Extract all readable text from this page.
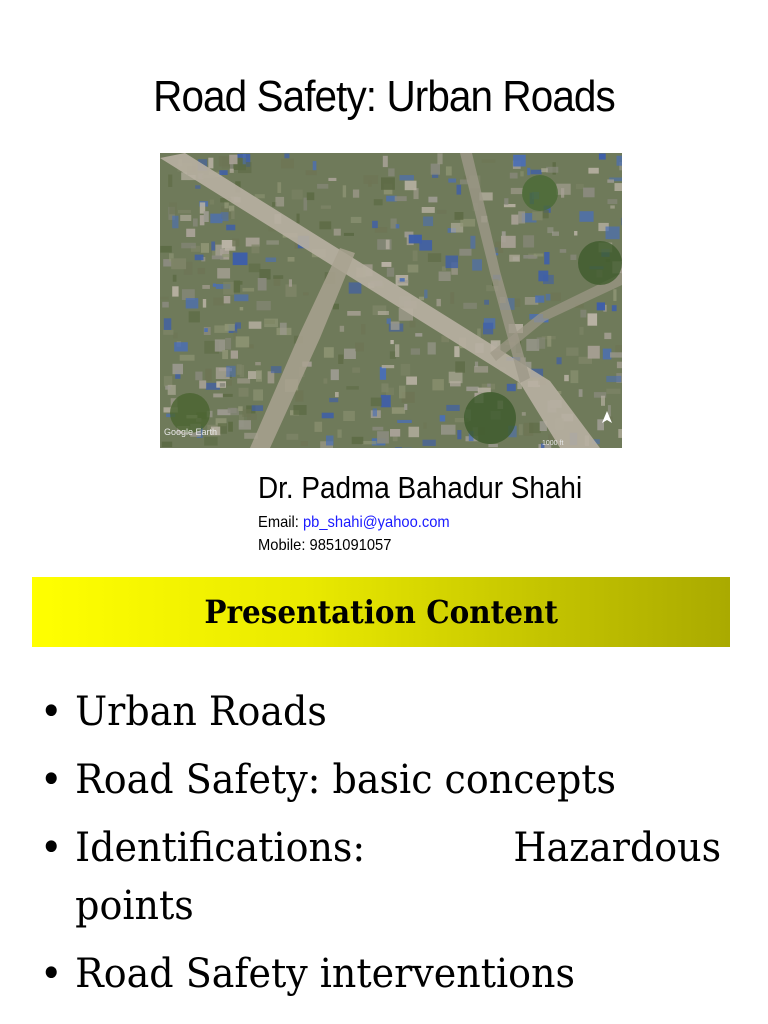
Road Safety: Urban Roads
Google Earth
1000 ft
Dr. Padma Bahadur Shahi
Email: pb_shahi@yahoo.com
Mobile: 9851091057
Presentation Content
• Urban Roads
• Road Safety: basic concepts
• Identifications:	Hazardous
points
• Road Safety interventions
